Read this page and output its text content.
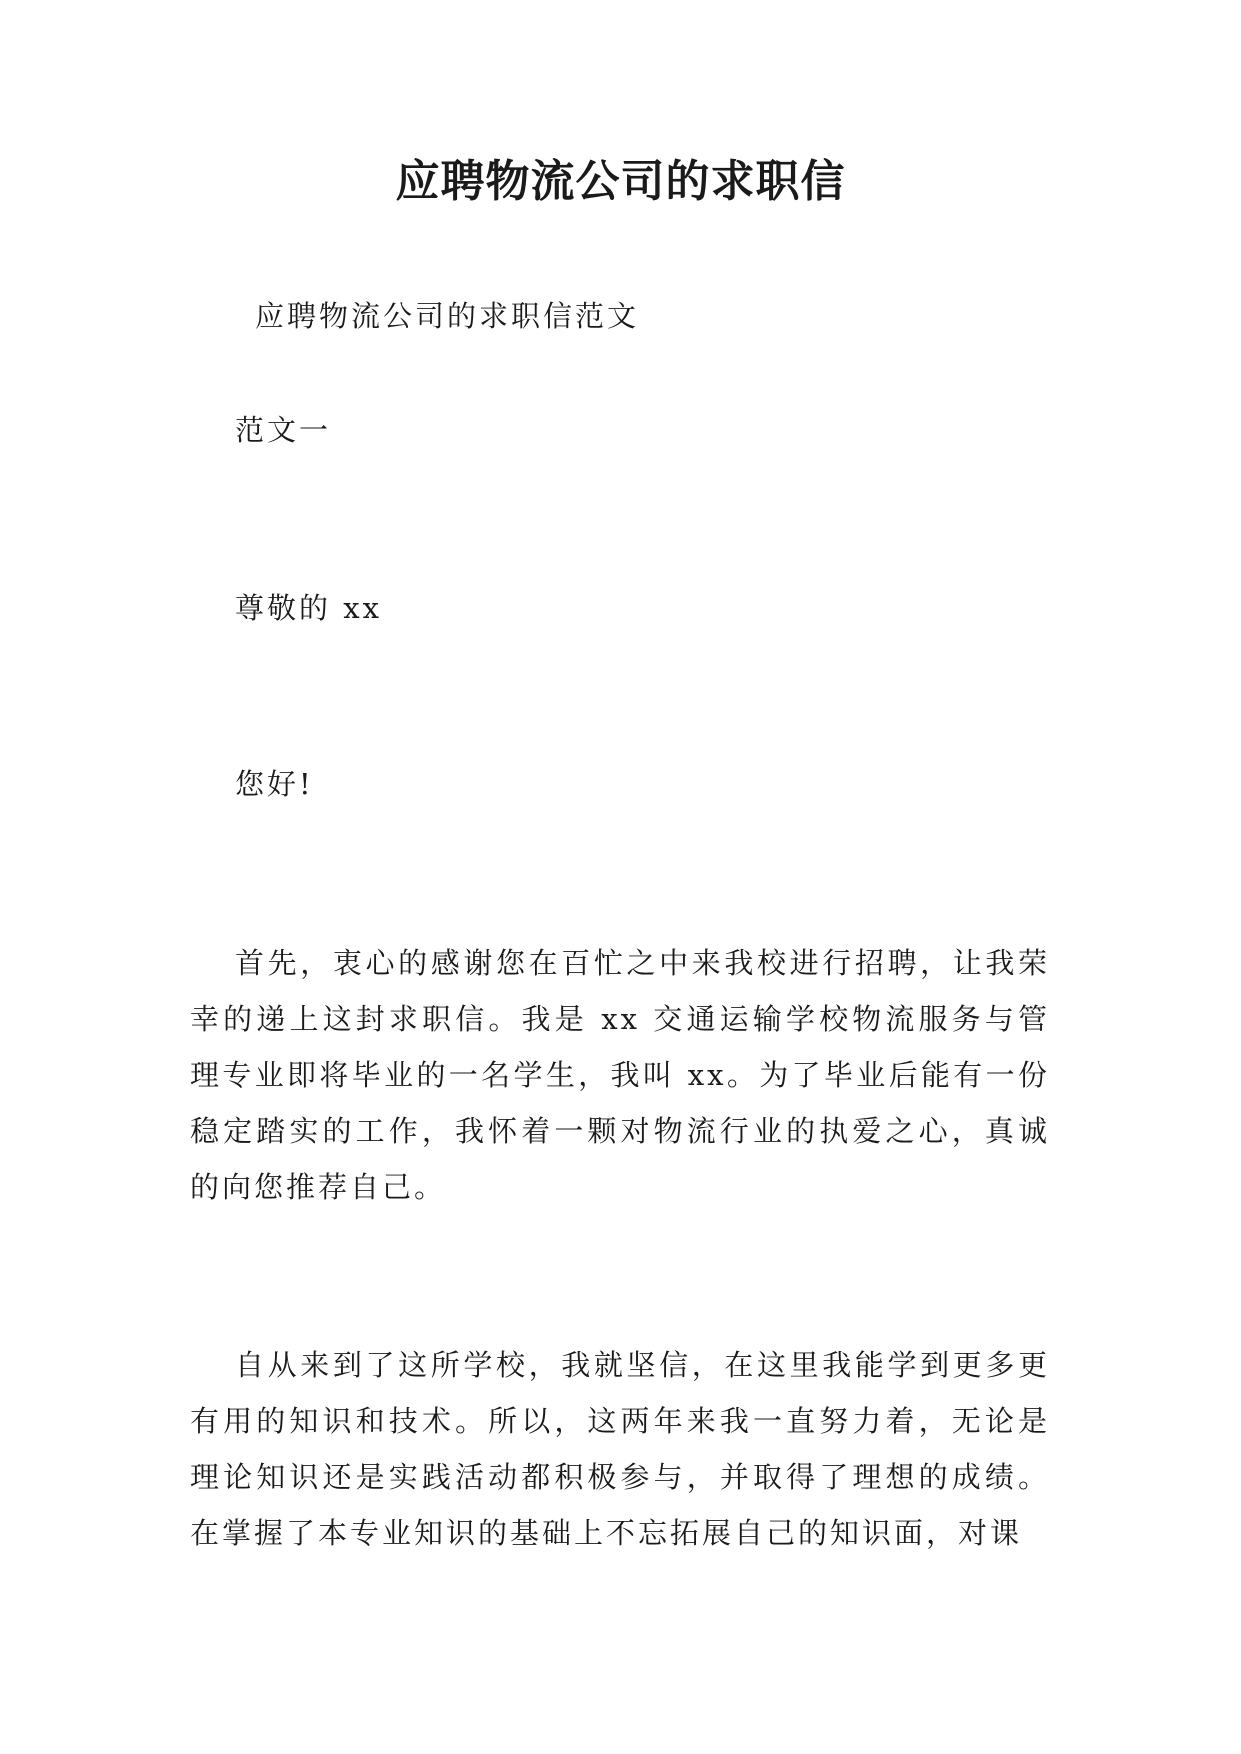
应聘物流公司的求职信

应聘物流公司的求职信范文

范文一

尊敬的 xx

您好!

首先，衷心的感谢您在百忙之中来我校进行招聘，让我荣幸的递上这封求职信。我是 xx 交通运输学校物流服务与管理专业即将毕业的一名学生，我叫 xx。为了毕业后能有一份稳定踏实的工作，我怀着一颗对物流行业的执爱之心，真诚的向您推荐自己。

自从来到了这所学校，我就坚信，在这里我能学到更多更有用的知识和技术。所以，这两年来我一直努力着，无论是理论知识还是实践活动都积极参与，并取得了理想的成绩。在掌握了本专业知识的基础上不忘拓展自己的知识面，对课
